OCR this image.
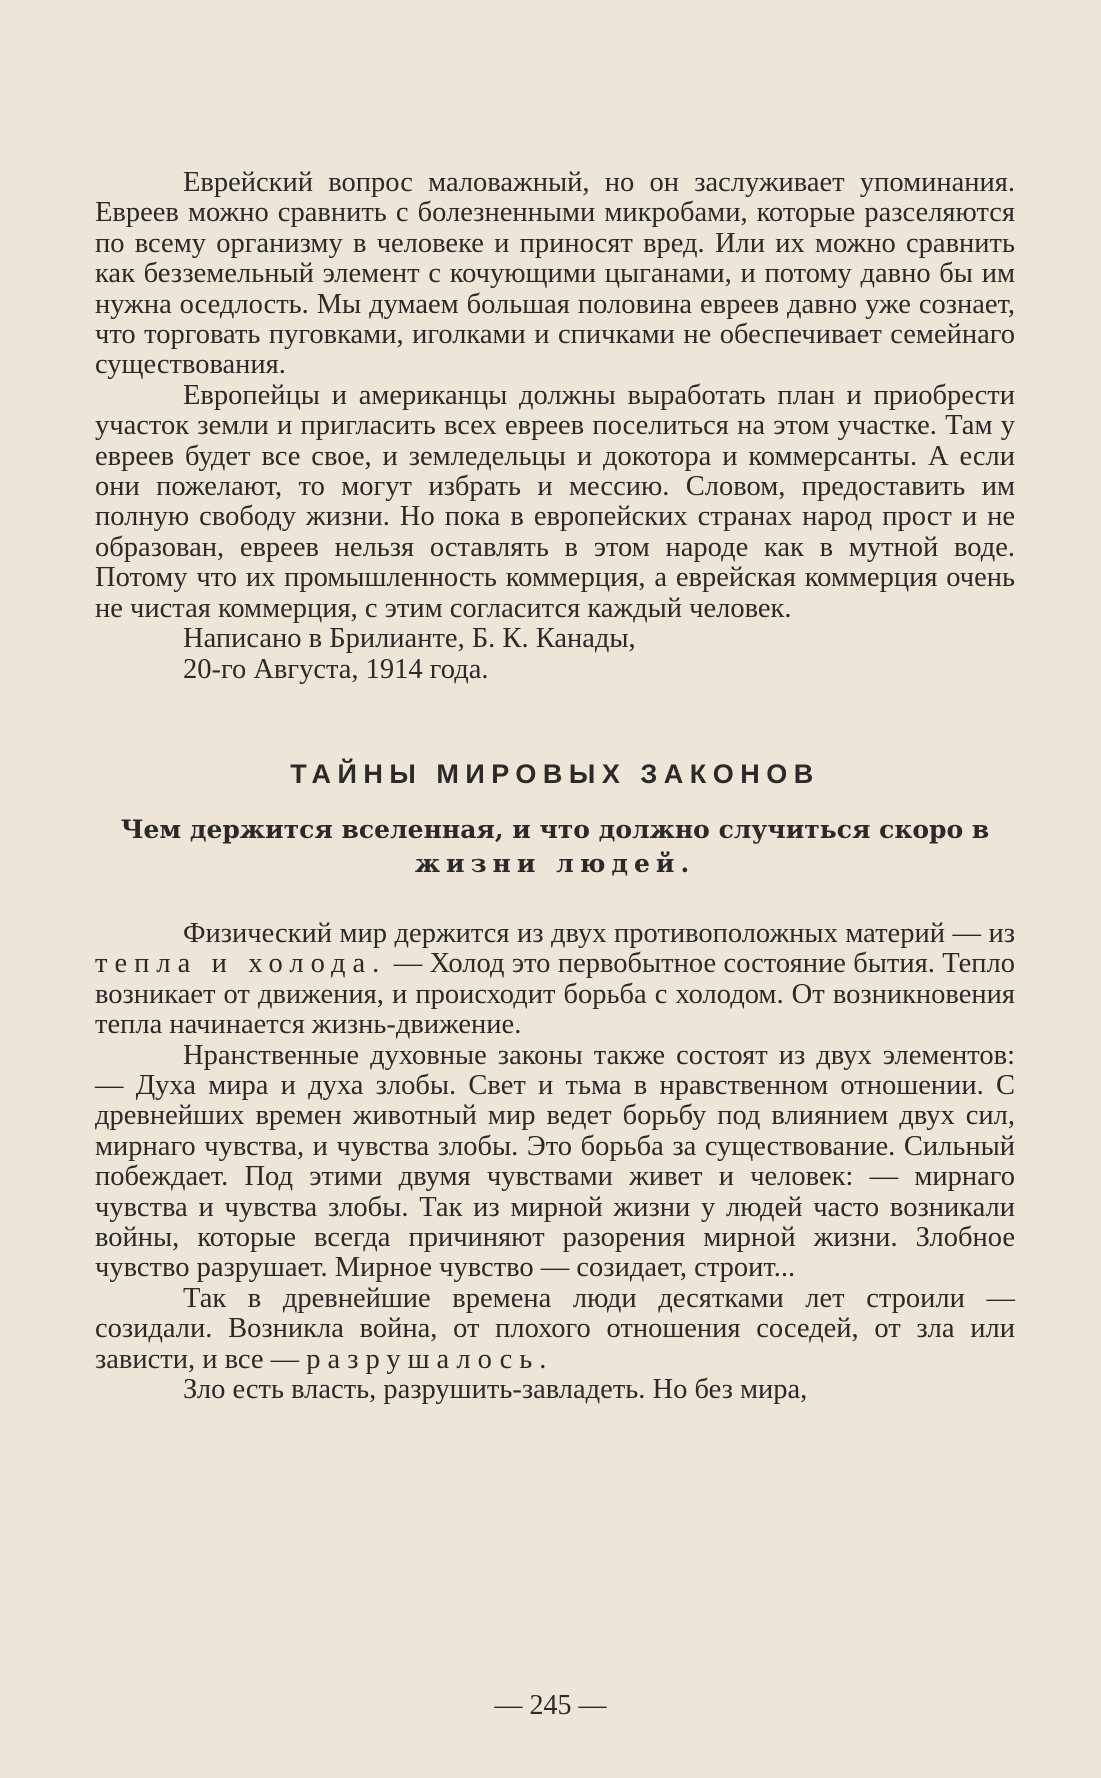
Еврейский вопрос маловажный, но он заслуживает упоминания. Евреев можно сравнить с болезненными микробами, которые разселяются по всему организму в человеке и приносят вред. Или их можно сравнить как безземельный элемент с кочующими цыганами, и потому давно бы им нужна оседлость. Мы думаем большая половина евреев давно уже сознает, что торговать пуговками, иголками и спичками не обеспечивает семейнаго существования.

Европейцы и американцы должны выработать план и приобрести участок земли и пригласить всех евреев поселиться на этом участке. Там у евреев будет все свое, и земледельцы и докотора и коммерсанты. А если они пожелают, то могут избрать и мессию. Словом, предоставить им полную свободу жизни. Но пока в европейских странах народ прост и не образован, евреев нельзя оставлять в этом народе как в мутной воде. Потому что их промышленность коммерция, а еврейская коммерция очень не чистая коммерция, с этим согласится каждый человек.

Написано в Брилианте, Б. К. Канады,

20-го Августа, 1914 года.

ТАЙНЫ МИРОВЫХ ЗАКОНОВ
Чем держится вселенная, и что должно случиться скоро в
жизни людей.

Физический мир держится из двух противоположных материй — из тепла и холода. — Холод это первобытное состояние бытия. Тепло возникает от движения, и происходит борьба с холодом. От возникновения тепла начинается жизнь-движение.

Нранственные духовные законы также состоят из двух элементов: — Духа мира и духа злобы. Свет и тьма в нравственном отношении. С древнейших времен животный мир ведет борьбу под влиянием двух сил, мирнаго чувства, и чувства злобы. Это борьба за существование. Сильный побеждает. Под этими двумя чувствами живет и человек: — мирнаго чувства и чувства злобы. Так из мирной жизни у людей часто возникали войны, которые всегда причиняют разорения мирной жизни. Злобное чувство разрушает. Мирное чувство — созидает, строит...

Так в древнейшие времена люди десятками лет строили — созидали. Возникла война, от плохого отношения соседей, от зла или зависти, и все — разрушалось.

Зло есть власть, разрушить-завладеть. Но без мира,

— 245 —
